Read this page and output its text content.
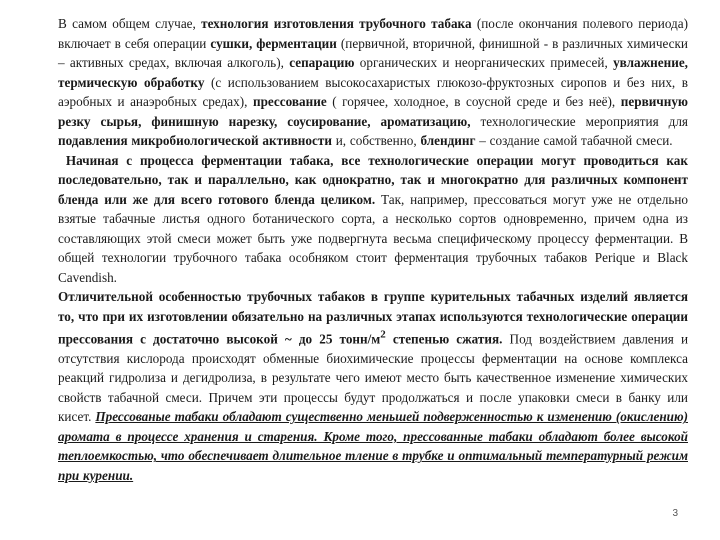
В самом общем случае, технология изготовления трубочного табака (после окончания полевого периода) включает в себя операции сушки, ферментации (первичной, вторичной, финишной - в различных химически – активных средах, включая алкоголь), сепарацию органических и неорганических примесей, увлажнение, термическую обработку (с использованием высокосахаристых глюкозо-фруктозных сиропов и без них, в аэробных и анаэробных средах), прессование ( горячее, холодное, в соусной среде и без неё), первичную резку сырья, финишную нарезку, соусирование, ароматизацию, технологические мероприятия для подавления микробиологической активности и, собственно, блендинг – создание самой табачной смеси.

Начиная с процесса ферментации табака, все технологические операции могут проводиться как последовательно, так и параллельно, как однократно, так и многократно для различных компонент бленда или же для всего готового бленда целиком. Так, например, прессоваться могут уже не отдельно взятые табачные листья одного ботанического сорта, а несколько сортов одновременно, причем одна из составляющих этой смеси может быть уже подвергнута весьма специфическому процессу ферментации. В общей технологии трубочного табака особняком стоит ферментация трубочных табаков Perique и Black Cavendish.

Отличительной особенностью трубочных табаков в группе курительных табачных изделий является то, что при их изготовлении обязательно на различных этапах используются технологические операции прессования с достаточно высокой ~ до 25 тонн/$м^2$ степенью сжатия. Под воздействием давления и отсутствия кислорода происходят обменные биохимические процессы ферментации на основе комплекса реакций гидролиза и дегидролиза, в результате чего имеют место быть качественное изменение химических свойств табачной смеси. Причем эти процессы будут продолжаться и после упаковки смеси в банку или кисет. Прессованые табаки обладают существенно меньшей подверженностью к изменению (окислению) аромата в процессе хранения и старения. Кроме того, прессованные табаки обладают более высокой теплоемкостью, что обеспечивает длительное тление в трубке и оптимальный температурный режим при курении.

3
